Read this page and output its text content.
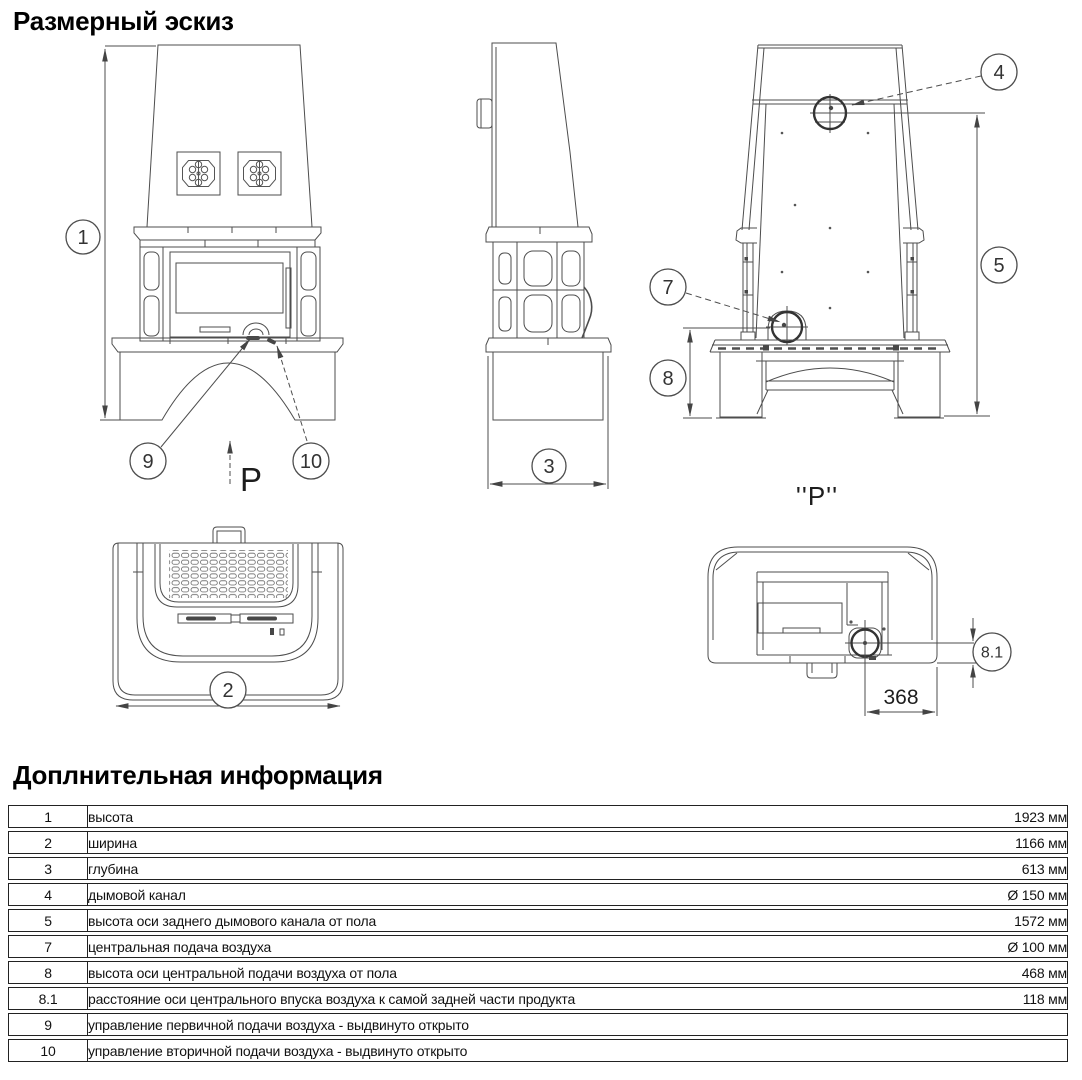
Размерный эскиз
1
9	10
P	3
5
8
7
4
''P''
2
8.1
368
Доплнительная информация
1	высота	1923 мм
2	ширина	1166 мм
3	глубина	613 мм
4	дымовой канал	Ø 150 мм
5	высота оси заднего дымового канала от пола	1572 мм
7	центральная подача воздуха	Ø 100 мм
8	высота оси центральной подачи воздуха от пола	468 мм
8.1	расстояние оси центрального впуска воздуха к самой задней части продукта	118 мм
9	управление первичной подачи воздуха - выдвинуто открыто	
10	управление вторичной подачи воздуха - выдвинуто открыто	
